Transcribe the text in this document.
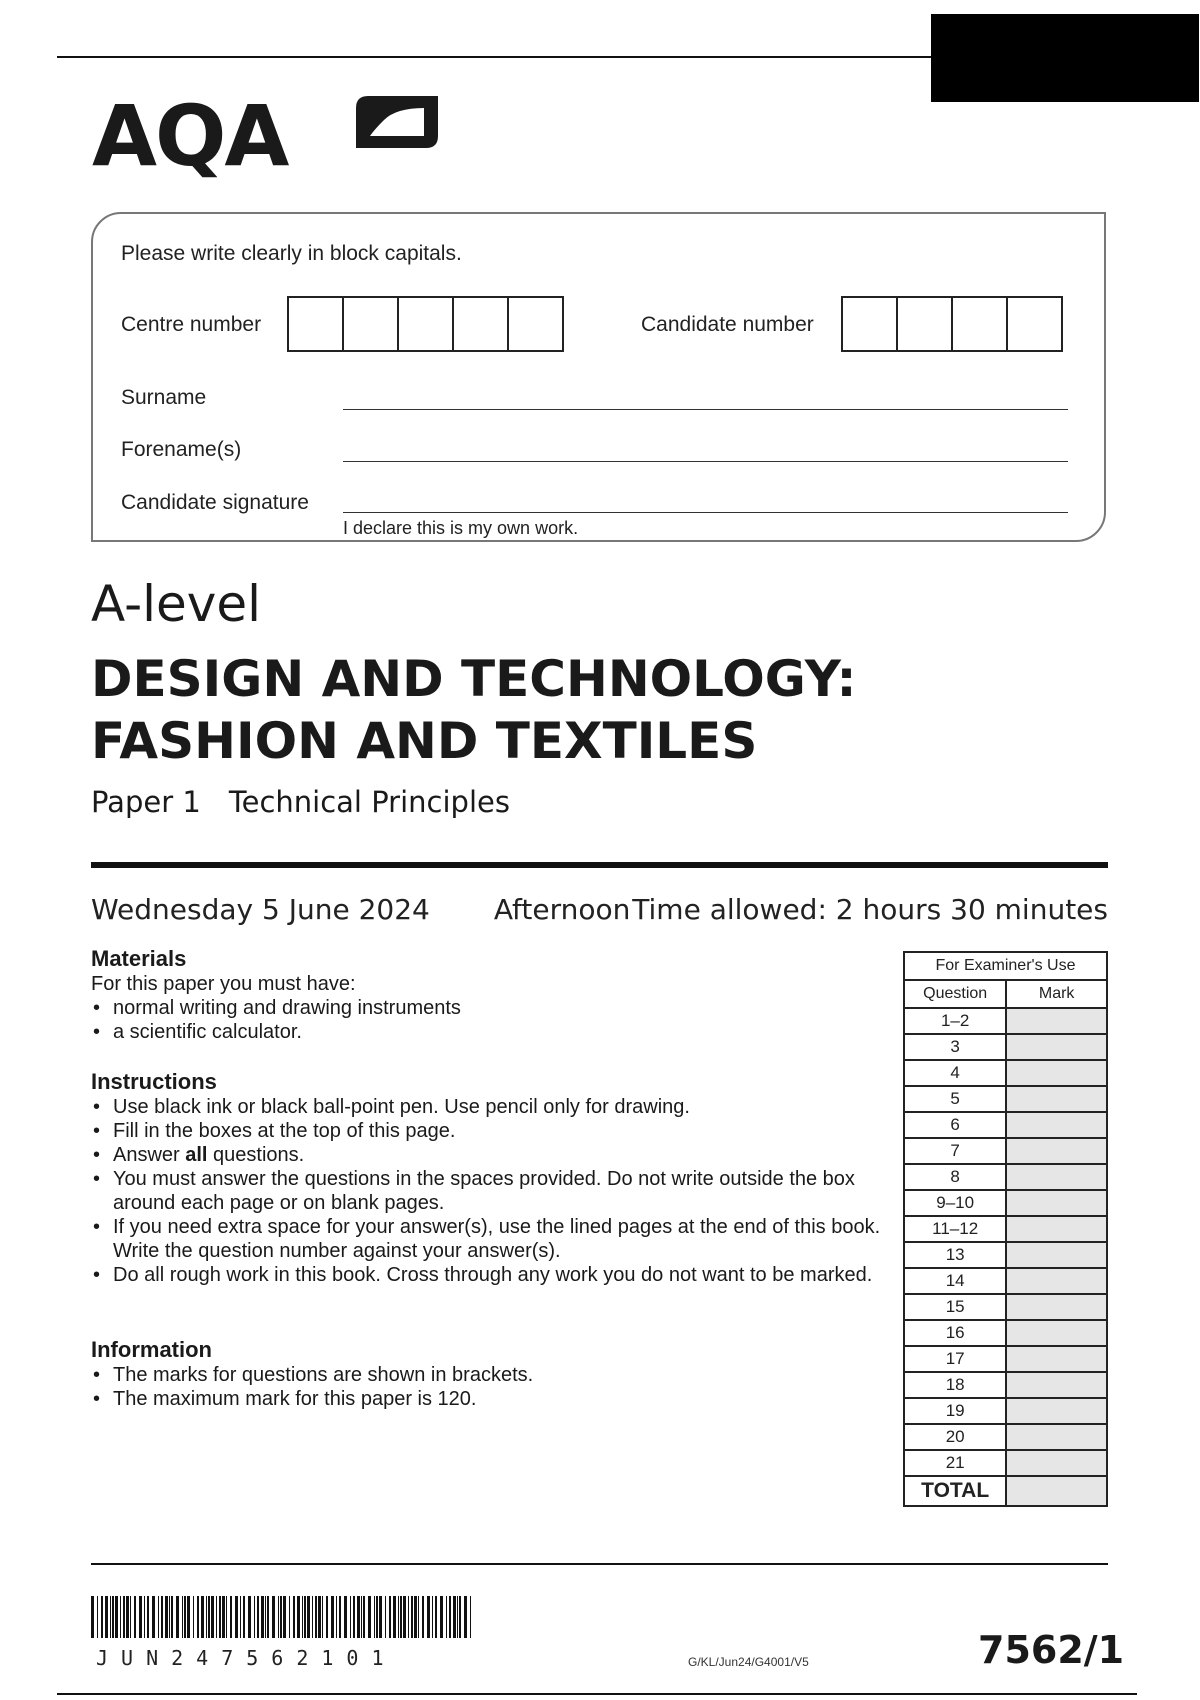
AQA
Please write clearly in block capitals.
Centre number	Candidate number
Surname
Forename(s)
Candidate signature
I declare this is my own work.
A-level
DESIGN AND TECHNOLOGY:
FASHION AND TEXTILES
Paper 1 Technical Principles
Wednesday 5 June 2024 Afternoon Time allowed: 2 hours 30 minutes
Materials
For this paper you must have:
• normal writing and drawing instruments
• a scientific calculator.
Instructions
• Use black ink or black ball-point pen. Use pencil only for drawing.
• Fill in the boxes at the top of this page.
• Answer all questions.
• You must answer the questions in the spaces provided. Do not write outside the box around each page or on blank pages.
• If you need extra space for your answer(s), use the lined pages at the end of this book. Write the question number against your answer(s).
• Do all rough work in this book. Cross through any work you do not want to be marked.
Information
• The marks for questions are shown in brackets.
• The maximum mark for this paper is 120.
For Examiner's Use	
Question	Mark
1–2	
3	
4	
5	
6	
7	
8	
9–10	
11–12	
13	
14	
15	
16	
17	
18	
19	
20	
21	
TOTAL	
JUN247562101	G/KL/Jun24/G4001/V5	7562/1
